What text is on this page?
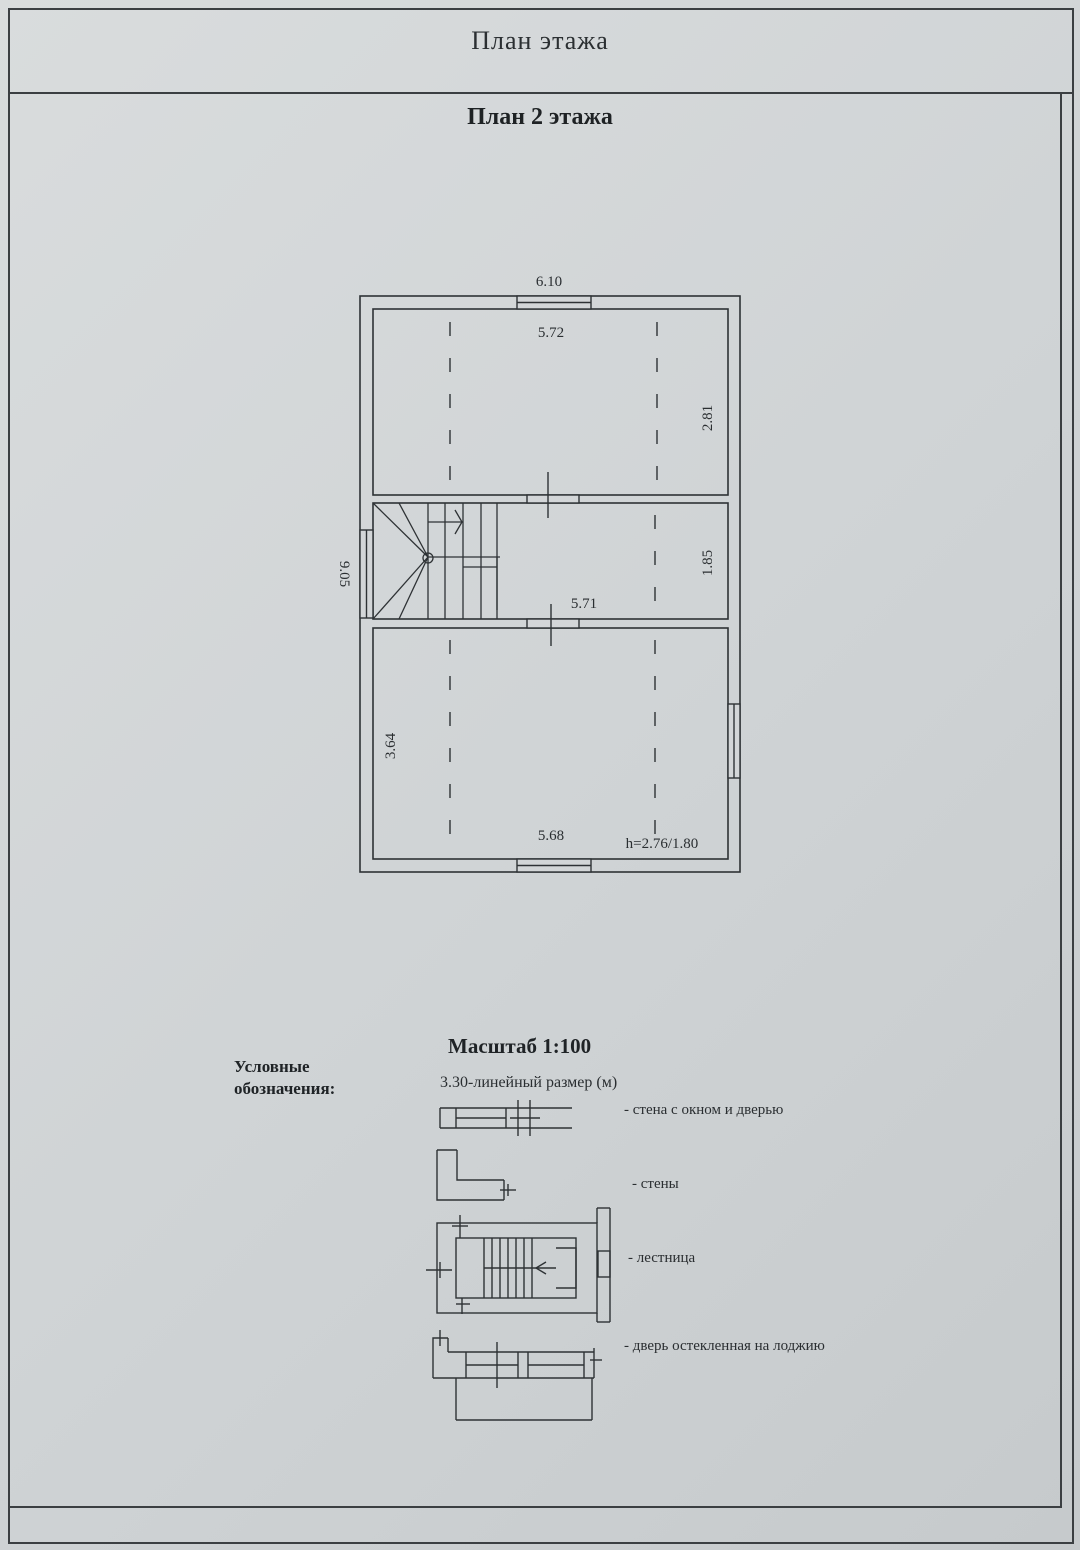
План этажа
План 2 этажа
Масштаб 1:100
Условные
обозначения:	3.30-линейный размер (м)
- стена с окном и дверью
- стены
- лестница
- дверь остекленная на лоджию
6.10
5.72
2.81
9.05	1.85
5.71
3.64
5.68	h=2.76/1.80
